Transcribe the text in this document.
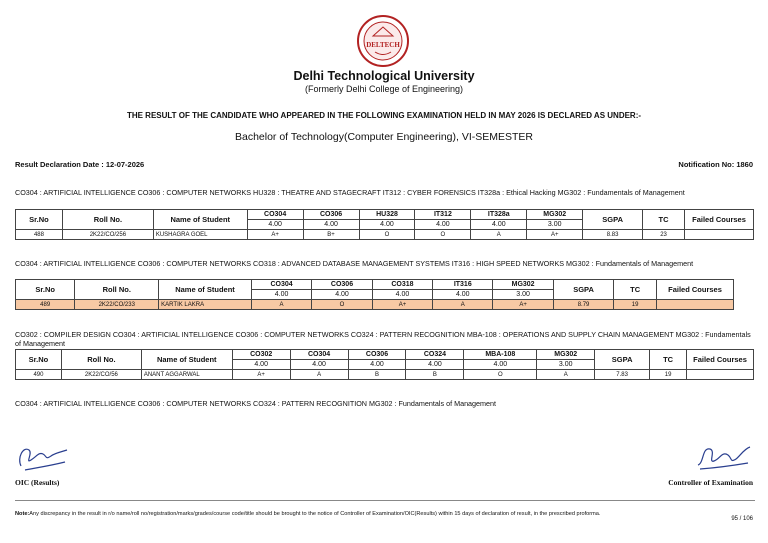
DELTECH
Delhi Technological University
(Formerly Delhi College of Engineering)
THE RESULT OF THE CANDIDATE WHO APPEARED IN THE FOLLOWING EXAMINATION HELD IN MAY 2026 IS DECLARED AS UNDER:-
Bachelor of Technology(Computer Engineering), VI-SEMESTER
Result Declaration Date : 12-07-2026	Notification No: 1860
CO304 : ARTIFICIAL INTELLIGENCE CO306 : COMPUTER NETWORKS HU328 : THEATRE AND STAGECRAFT IT312 : CYBER FORENSICS IT328a : Ethical Hacking MG302 : Fundamentals of Management
Sr.No	Roll No.	Name of Student	CO304	CO306	HU328	IT312	IT328a	MG302	SGPA	TC	Failed Courses
			4.00	4.00	4.00	4.00	4.00	3.00			
488	2K22/CO/256	KUSHAGRA GOEL	A+	B+	O	O	A	A+	8.83	23	
CO304 : ARTIFICIAL INTELLIGENCE CO306 : COMPUTER NETWORKS CO318 : ADVANCED DATABASE MANAGEMENT SYSTEMS IT316 : HIGH SPEED NETWORKS MG302 : Fundamentals of Management
Sr.No	Roll No.	Name of Student	CO304	CO306	CO318	IT316	MG302	SGPA	TC	Failed Courses
			4.00	4.00	4.00	4.00	3.00			
489	2K22/CO/233	KARTIK LAKRA	A	O	A+	A	A+	8.79	19	
CO302 : COMPILER DESIGN CO304 : ARTIFICIAL INTELLIGENCE CO306 : COMPUTER NETWORKS CO324 : PATTERN RECOGNITION MBA-108 : OPERATIONS AND SUPPLY CHAIN MANAGEMENT MG302 : Fundamentals of Management
Sr.No	Roll No.	Name of Student	CO302	CO304	CO306	CO324	MBA-108	MG302	SGPA	TC	Failed Courses
			4.00	4.00	4.00	4.00	4.00	3.00			
490	2K22/CO/56	ANANT AGGARWAL	A+	A	B	B	O	A	7.83	19	
CO304 : ARTIFICIAL INTELLIGENCE CO306 : COMPUTER NETWORKS CO324 : PATTERN RECOGNITION MG302 : Fundamentals of Management
OIC (Results)	Controller of Examination
Note:Any discrepancy in the result in r/o name/roll no/registration/marks/grades/course code/title should be brought to the notice of Controller of Examination/OIC(Results) within 15 days of declaration of result, in the prescribed proforma.
95 / 106
